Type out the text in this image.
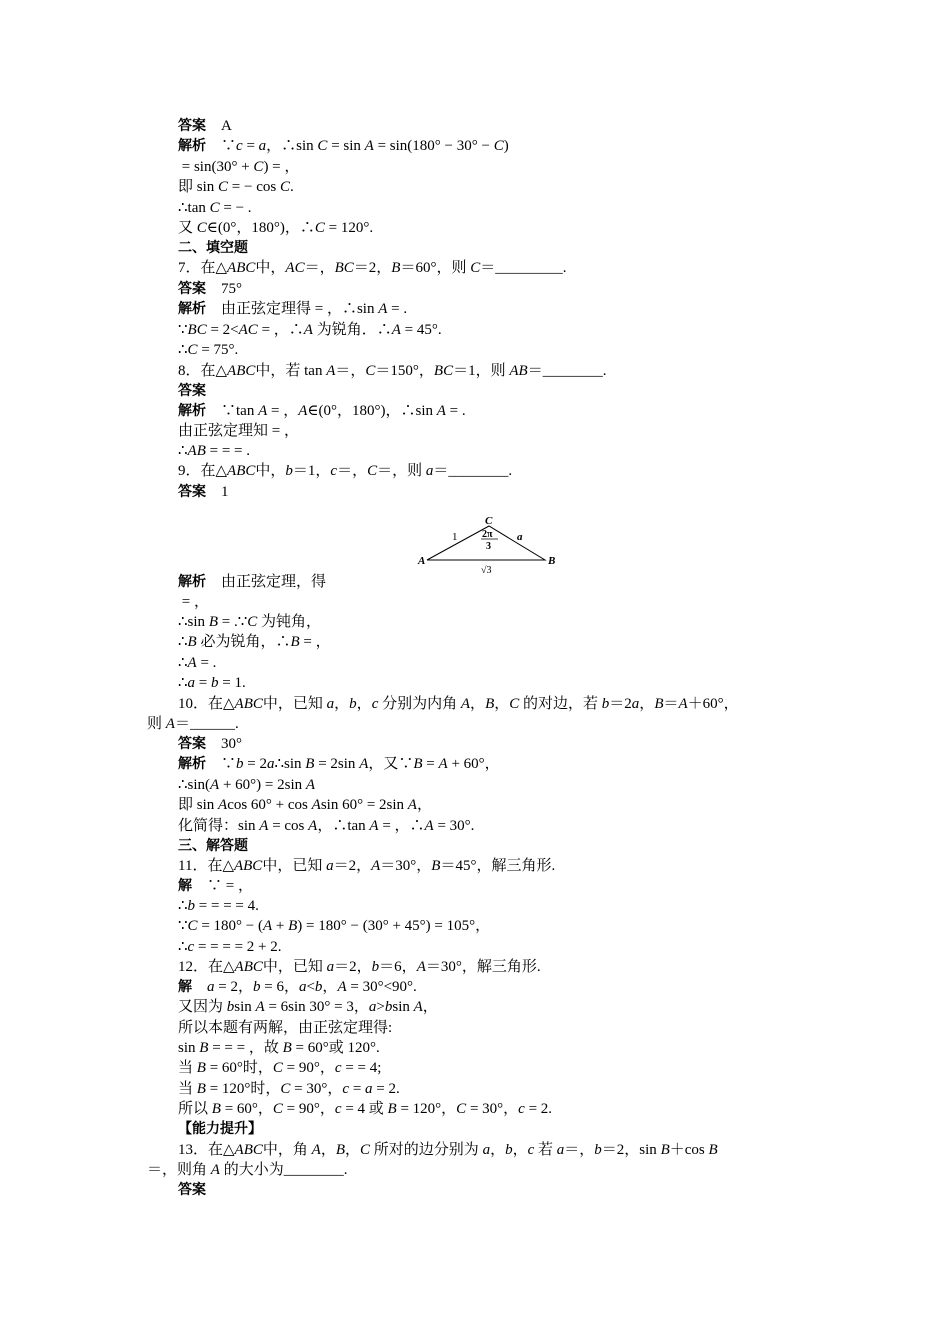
答案　A
解析　∵c = a，∴sin C = sin A = sin(180° − 30° − C)
= sin(30° + C) = ，
即 sin C = − cos C.
∴tan C = − .
又 C∈(0°，180°)，∴C = 120°.
二、填空题
7．在△ABC中，AC＝，BC＝2，B＝60°，则 C＝_________.
答案　75°
解析　由正弦定理得 = ，∴sin A = .
∵BC = 2<AC = ，∴A 为锐角．∴A = 45°.
∴C = 75°.
8．在△ABC中，若 tan A＝，C＝150°，BC＝1，则 AB＝________.
答案
解析　∵tan A = ，A∈(0°，180°)，∴sin A = .
由正弦定理知 = ，
∴AB = = = .
9．在△ABC中，b＝1，c＝，C＝，则 a＝________.
答案　1
解析　由正弦定理，得
= ，
∴sin B = .∵C 为钝角，
∴B 必为锐角，∴B = ，
∴A = .
∴a = b = 1.
10．在△ABC中，已知 a，b，c 分别为内角 A，B，C 的对边，若 b＝2a，B＝A＋60°，
则 A＝______.
答案　30°
解析　∵b = 2a∴sin B = 2sin A，又∵B = A + 60°，
∴sin(A + 60°) = 2sin A
即 sin Acos 60° + cos Asin 60° = 2sin A，
化简得：sin A = cos A，∴tan A = ，∴A = 30°.
三、解答题
11．在△ABC中，已知 a＝2，A＝30°，B＝45°，解三角形.
解　∵ = ，
∴b = = = = 4.
∵C = 180° − (A + B) = 180° − (30° + 45°) = 105°，
∴c = = = = 2 + 2.
12．在△ABC中，已知 a＝2，b＝6，A＝30°，解三角形.
解　 a = 2，b = 6，a<b，A = 30°<90°.
又因为 bsin A = 6sin 30° = 3，a>bsin A，
所以本题有两解，由正弦定理得:
sin B = = = ，故 B = 60°或 120°.
当 B = 60°时，C = 90°，c = = 4;
当 B = 120°时，C = 30°，c = a = 2.
所以 B = 60°，C = 90°，c = 4 或 B = 120°，C = 30°，c = 2.
【能力提升】
13．在△ABC中，角 A，B，C 所对的边分别为 a，b，c 若 a＝，b＝2，sin B＋cos B
＝，则角 A 的大小为________.
答案
A	B
C
1	a
√3
2π
3
